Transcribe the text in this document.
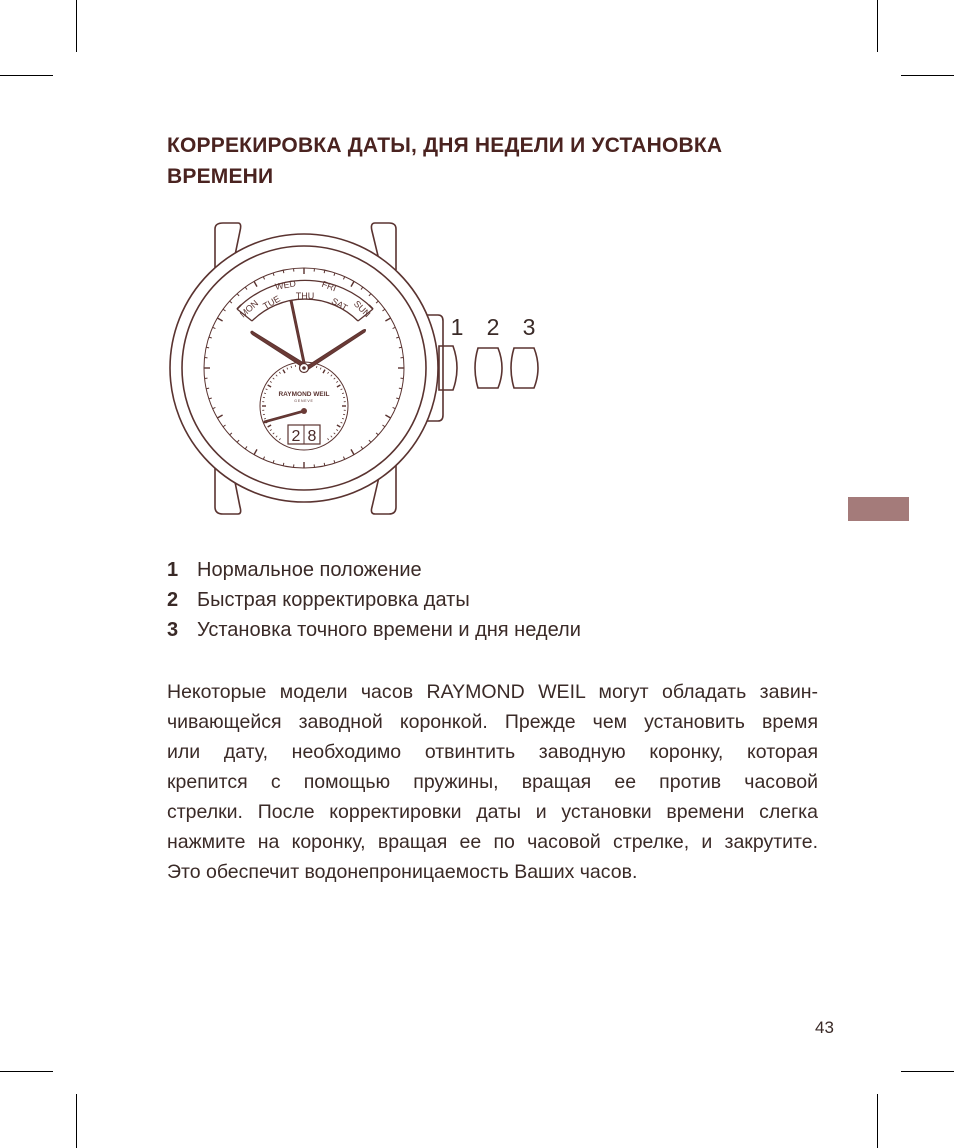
КОРРЕКИРОВКА ДАТЫ, ДНЯ НЕДЕЛИ И УСТАНОВКА
ВРЕМЕНИ
MON
WED	FRI
SUN
TUE THU SAT
RAYMOND WEIL
GENEVE
2 8
1 2 3
1 Нормальное положение
2 Быстрая корректировка даты
3 Установка точного времени и дня недели
Некоторые модели часов RAYMOND WEIL могут обладать завин-
чивающейся заводной коронкой. Прежде чем установить время
или дату, необходимо отвинтить заводную коронку, которая
крепится с помощью пружины, вращая ее против часовой
стрелки. После корректировки даты и установки времени слегка
нажмите на коронку, вращая ее по часовой стрелке, и закрутите.
Это обеспечит водонепроницаемость Ваших часов.
43
